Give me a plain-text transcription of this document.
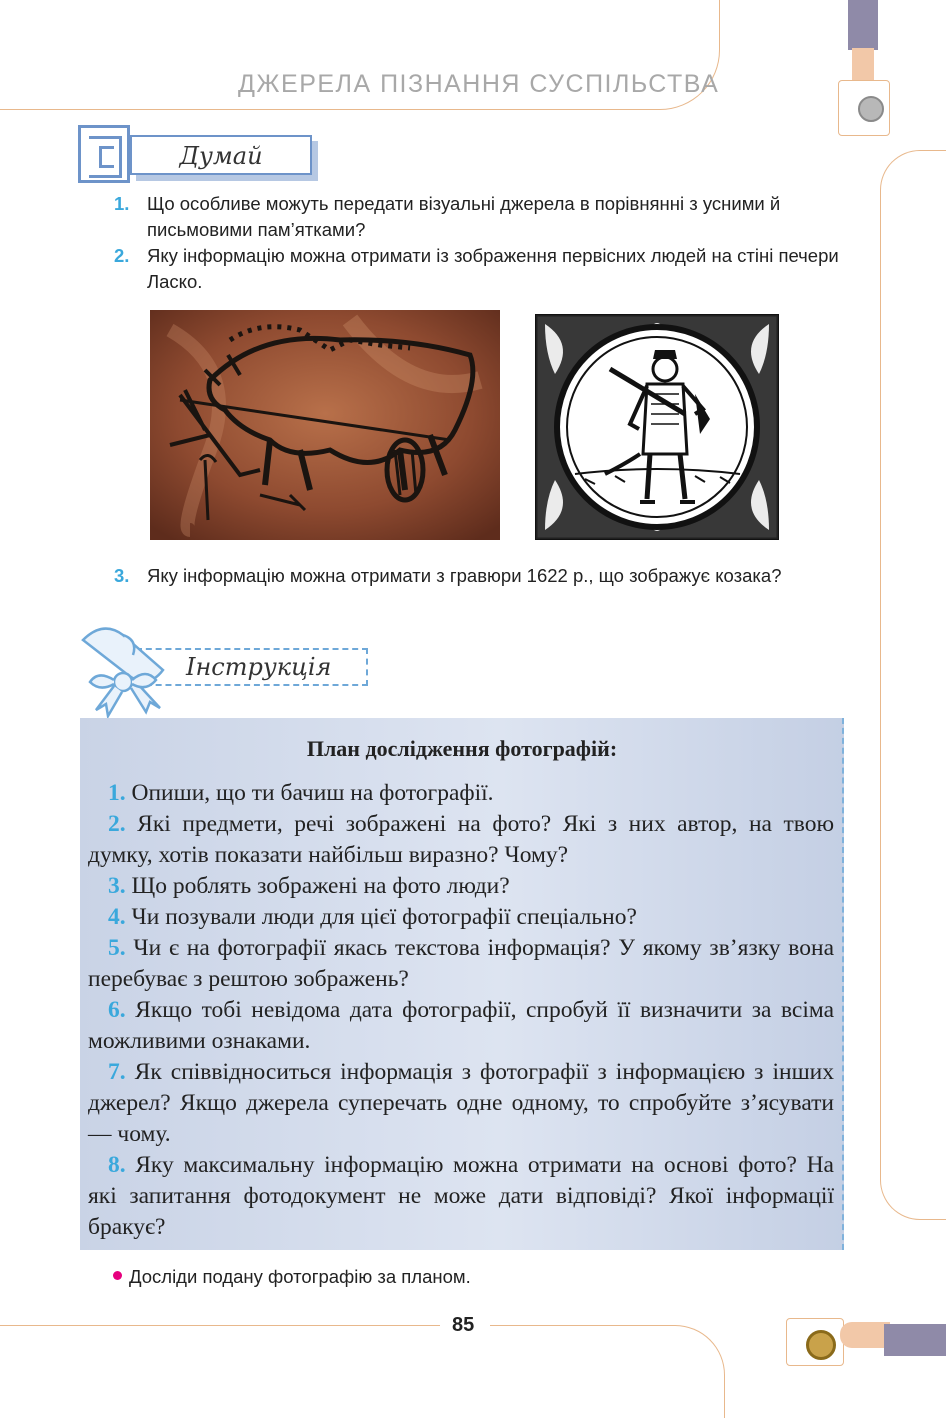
ДЖЕРЕЛА ПІЗНАННЯ СУСПІЛЬСТВА
Думай
1. Що особливе можуть передати візуальні джерела в порівнянні з усними й письмовими пам’ятками?
2. Яку інформацію можна отримати із зображення первісних людей на стіні печери Ласко.
3. Яку інформацію можна отримати з гравюри 1622 р., що зображує козака?
Інструкція
План дослідження фотографій:
1. Опиши, що ти бачиш на фотографії.
2. Які предмети, речі зображені на фото? Які з них автор, на твою думку, хотів показати найбільш виразно? Чому?
3. Що роблять зображені на фото люди?
4. Чи позували люди для цієї фотографії спеціально?
5. Чи є на фотографії якась текстова інформація? У якому зв’язку вона перебуває з рештою зображень?
6. Якщо тобі невідома дата фотографії, спробуй її визначити за всіма можливими ознаками.
7. Як співвідноситься інформація з фотографії з інформацією з інших джерел? Якщо джерела суперечать одне одному, то спробуйте з’ясувати — чому.
8. Яку максимальну інформацію можна отримати на основі фото? На які запитання фотодокумент не може дати відповіді? Якої інформації бракує?
Досліди подану фотографію за планом.
85
